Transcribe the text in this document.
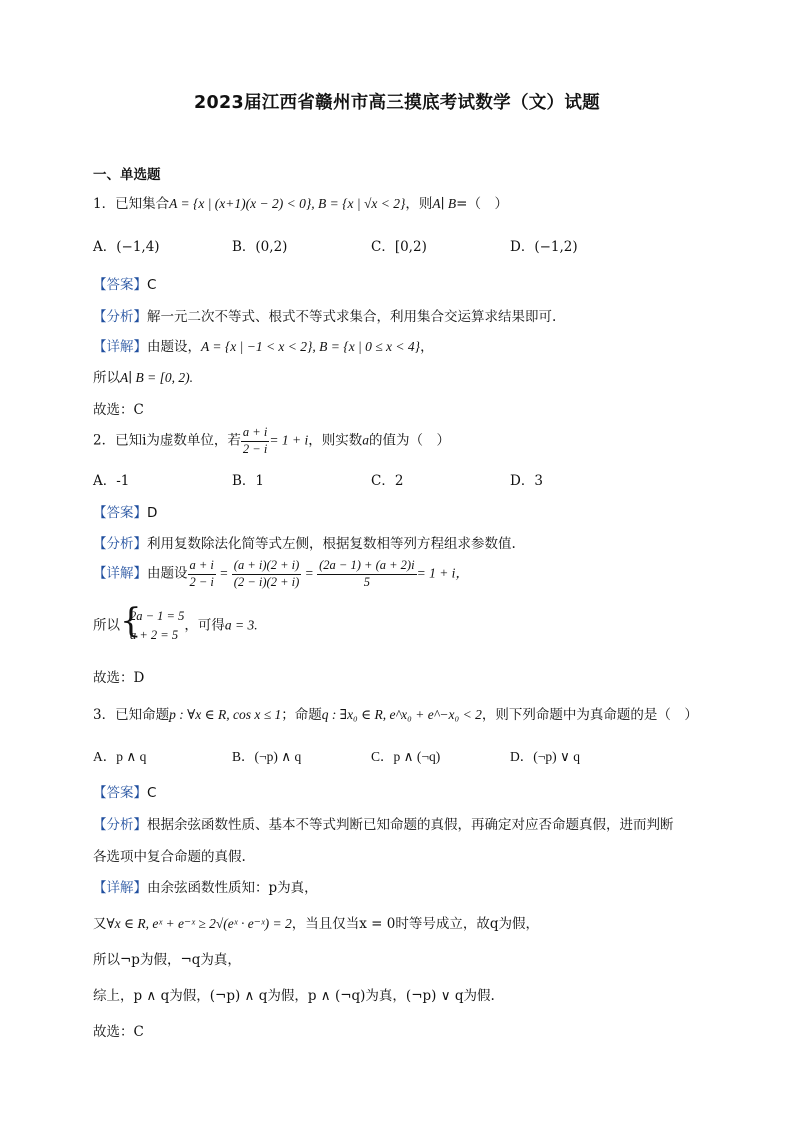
2023届江西省赣州市高三摸底考试数学（文）试题
一、单选题
1．已知集合A = {x | (x+1)(x − 2) < 0}, B = {x | √x < 2}，则A∣ B=（　）
A．(−1,4)	B．(0,2)	C．[0,2)	D．(−1,2)
【答案】C
【分析】解一元二次不等式、根式不等式求集合，利用集合交运算求结果即可.
【详解】由题设，A = {x | −1 < x < 2}, B = {x | 0 ≤ x < 4}，
所以A∣ B = [0, 2).
故选：C
2．已知i为虚数单位，若 $\frac{a + i}{2 - i} = 1 + i$，则实数a的值为（　）
A．-1	B．1	C．2	D．3
【答案】D
【分析】利用复数除法化简等式左侧，根据复数相等列方程组求参数值.
【详解】由题设 $\frac{a + i}{2 - i} = \frac{(a + i)(2 + i)}{(2 - i)(2 + i)} = \frac{(2a - 1) + (a + 2)i}{5} = 1 + i$，
所以 {
2a − 1 = 5
a + 2 = 5
，可得a = 3.
故选：D
3．已知命题p : ∀x ∈ R, cos x ≤ 1；命题q : ∃x₀ ∈ R, e^x₀ + e^−x₀ < 2，则下列命题中为真命题的是（　）
A．p ∧ q	B．(¬p) ∧ q	C．p ∧ (¬q)	D．(¬p) ∨ q
【答案】C
【分析】根据余弦函数性质、基本不等式判断已知命题的真假，再确定对应否命题真假，进而判断
各选项中复合命题的真假.
【详解】由余弦函数性质知：p为真，
又∀x ∈ R, eˣ + e⁻ˣ ≥ 2√(eˣ · e⁻ˣ) = 2，当且仅当x = 0时等号成立，故q为假，
所以¬p为假，¬q为真，
综上，p ∧ q为假，(¬p) ∧ q为假，p ∧ (¬q)为真，(¬p) ∨ q为假.
故选：C
